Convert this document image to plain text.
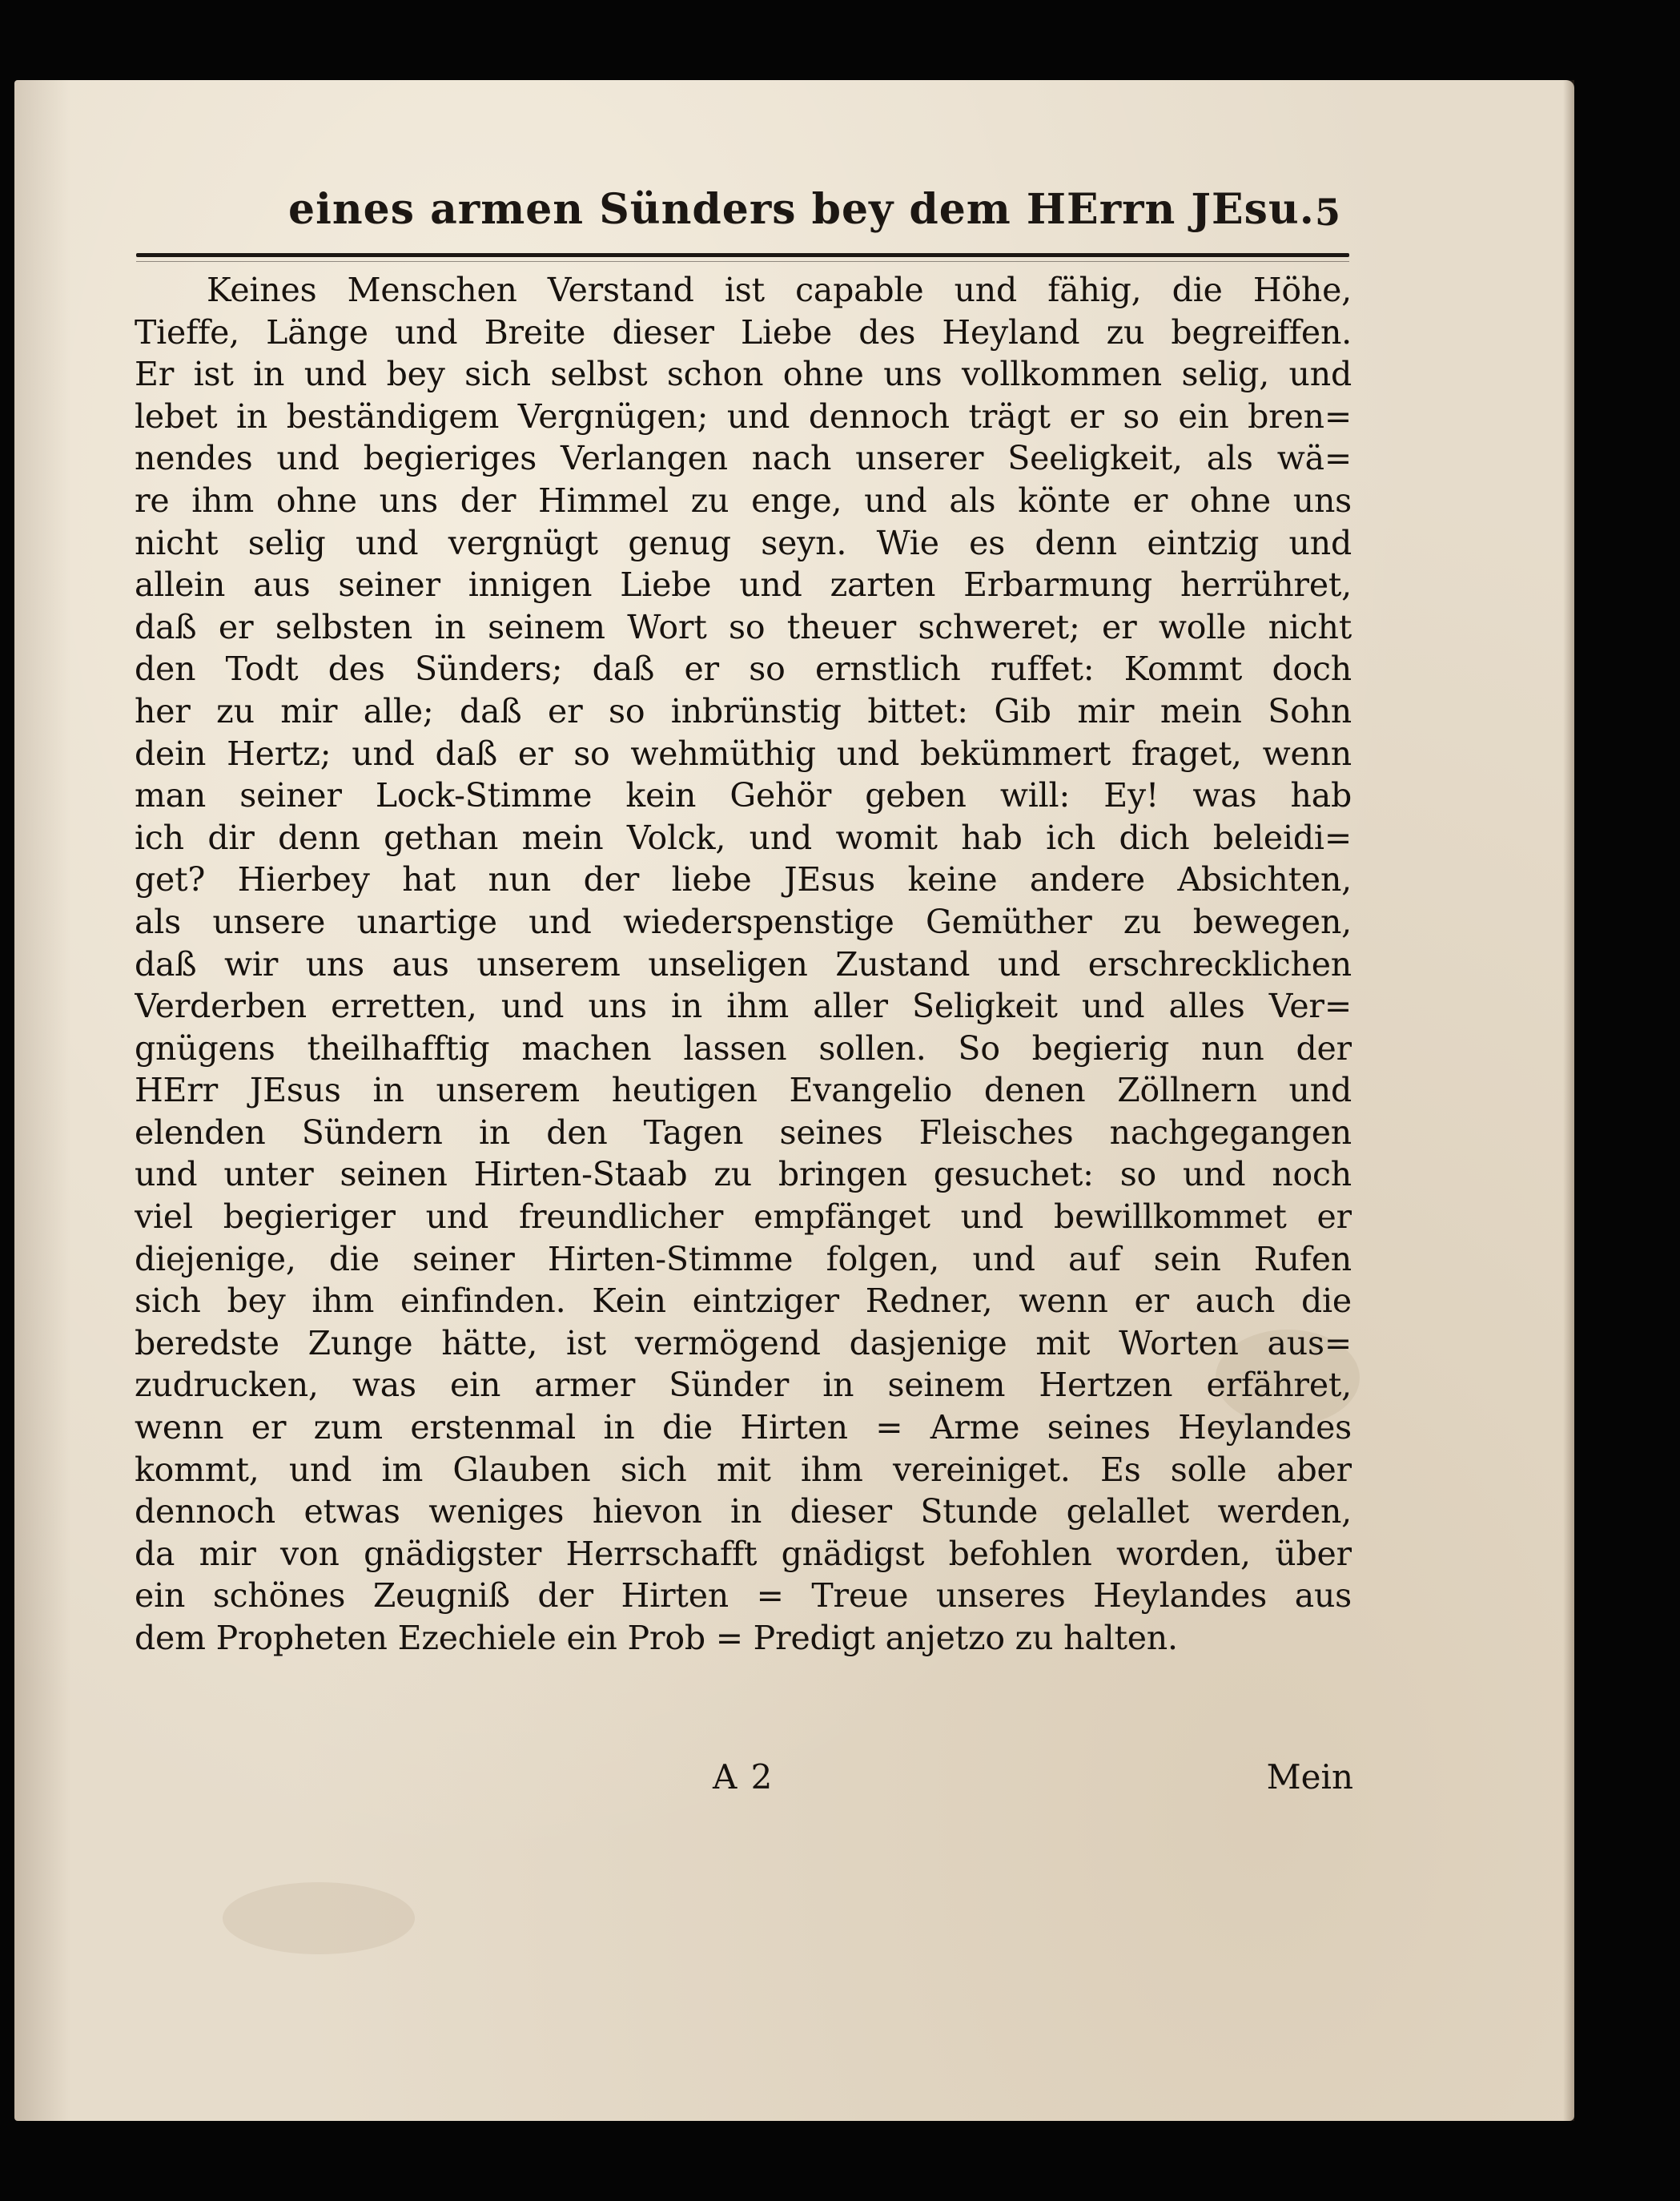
eines armen Sünders bey dem HErrn JEsu. 5
Keines Menschen Verstand ist capable und fähig, die Höhe,
Tieffe, Länge und Breite dieser Liebe des Heyland zu begreiffen.
Er ist in und bey sich selbst schon ohne uns vollkommen selig, und
lebet in beständigem Vergnügen; und dennoch trägt er so ein bren=
nendes und begieriges Verlangen nach unserer Seeligkeit, als wä=
re ihm ohne uns der Himmel zu enge, und als könte er ohne uns
nicht selig und vergnügt genug seyn. Wie es denn eintzig und
allein aus seiner innigen Liebe und zarten Erbarmung herrühret,
daß er selbsten in seinem Wort so theuer schweret; er wolle nicht
den Todt des Sünders; daß er so ernstlich ruffet: Kommt doch
her zu mir alle; daß er so inbrünstig bittet: Gib mir mein Sohn
dein Hertz; und daß er so wehmüthig und bekümmert fraget, wenn
man seiner Lock-Stimme kein Gehör geben will: Ey! was hab
ich dir denn gethan mein Volck, und womit hab ich dich beleidi=
get? Hierbey hat nun der liebe JEsus keine andere Absichten,
als unsere unartige und wiederspenstige Gemüther zu bewegen,
daß wir uns aus unserem unseligen Zustand und erschrecklichen
Verderben erretten, und uns in ihm aller Seligkeit und alles Ver=
gnügens theilhafftig machen lassen sollen. So begierig nun der
HErr JEsus in unserem heutigen Evangelio denen Zöllnern und
elenden Sündern in den Tagen seines Fleisches nachgegangen
und unter seinen Hirten-Staab zu bringen gesuchet: so und noch
viel begieriger und freundlicher empfänget und bewillkommet er
diejenige, die seiner Hirten-Stimme folgen, und auf sein Rufen
sich bey ihm einfinden. Kein eintziger Redner, wenn er auch die
beredste Zunge hätte, ist vermögend dasjenige mit Worten aus=
zudrucken, was ein armer Sünder in seinem Hertzen erfähret,
wenn er zum erstenmal in die Hirten = Arme seines Heylandes
kommt, und im Glauben sich mit ihm vereiniget. Es solle aber
dennoch etwas weniges hievon in dieser Stunde gelallet werden,
da mir von gnädigster Herrschafft gnädigst befohlen worden, über
ein schönes Zeugniß der Hirten = Treue unseres Heylandes aus
dem Propheten Ezechiele ein Prob = Predigt anjetzo zu halten.
A 2	Mein
